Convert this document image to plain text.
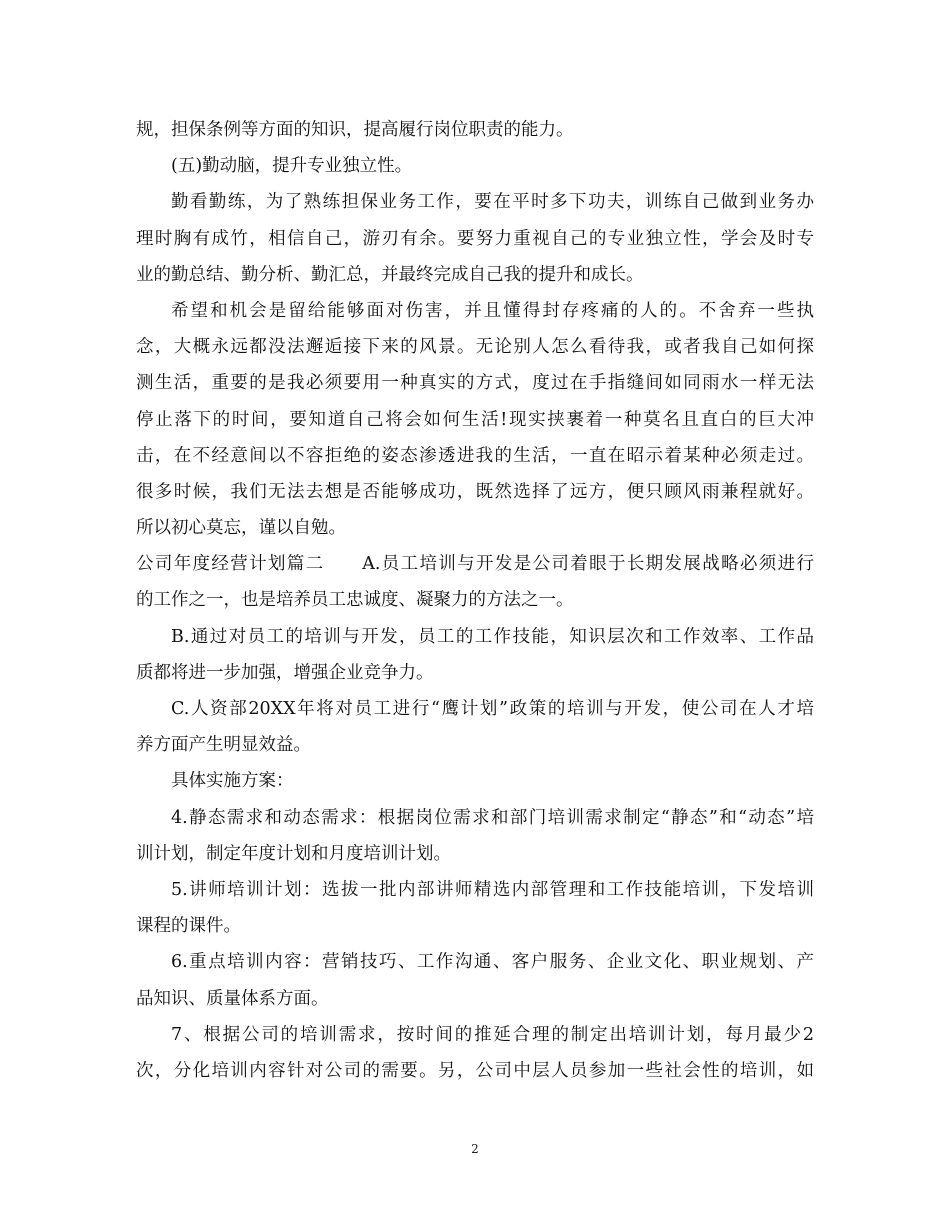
规，担保条例等方面的知识，提高履行岗位职责的能力。
(五)勤动脑，提升专业独立性。
勤看勤练，为了熟练担保业务工作，要在平时多下功夫，训练自己做到业务办
理时胸有成竹，相信自己，游刃有余。要努力重视自己的专业独立性，学会及时专
业的勤总结、勤分析、勤汇总，并最终完成自己我的提升和成长。
希望和机会是留给能够面对伤害，并且懂得封存疼痛的人的。不舍弃一些执
念，大概永远都没法邂逅接下来的风景。无论别人怎么看待我，或者我自己如何探
测生活，重要的是我必须要用一种真实的方式，度过在手指缝间如同雨水一样无法
停止落下的时间，要知道自己将会如何生活!现实挟裹着一种莫名且直白的巨大冲
击，在不经意间以不容拒绝的姿态渗透进我的生活，一直在昭示着某种必须走过。
很多时候，我们无法去想是否能够成功，既然选择了远方，便只顾风雨兼程就好。
所以初心莫忘，谨以自勉。
公司年度经营计划篇二　　A.员工培训与开发是公司着眼于长期发展战略必须进行
的工作之一，也是培养员工忠诚度、凝聚力的方法之一。
B.通过对员工的培训与开发，员工的工作技能，知识层次和工作效率、工作品
质都将进一步加强，增强企业竞争力。
C.人资部20XX年将对员工进行“鹰计划”政策的培训与开发，使公司在人才培
养方面产生明显效益。
具体实施方案：
4.静态需求和动态需求：根据岗位需求和部门培训需求制定“静态”和“动态”培
训计划，制定年度计划和月度培训计划。
5.讲师培训计划：选拔一批内部讲师精选内部管理和工作技能培训，下发培训
课程的课件。
6.重点培训内容：营销技巧、工作沟通、客户服务、企业文化、职业规划、产
品知识、质量体系方面。
7、根据公司的培训需求，按时间的推延合理的制定出培训计划，每月最少2
次，分化培训内容针对公司的需要。另，公司中层人员参加一些社会性的培训，如
2
